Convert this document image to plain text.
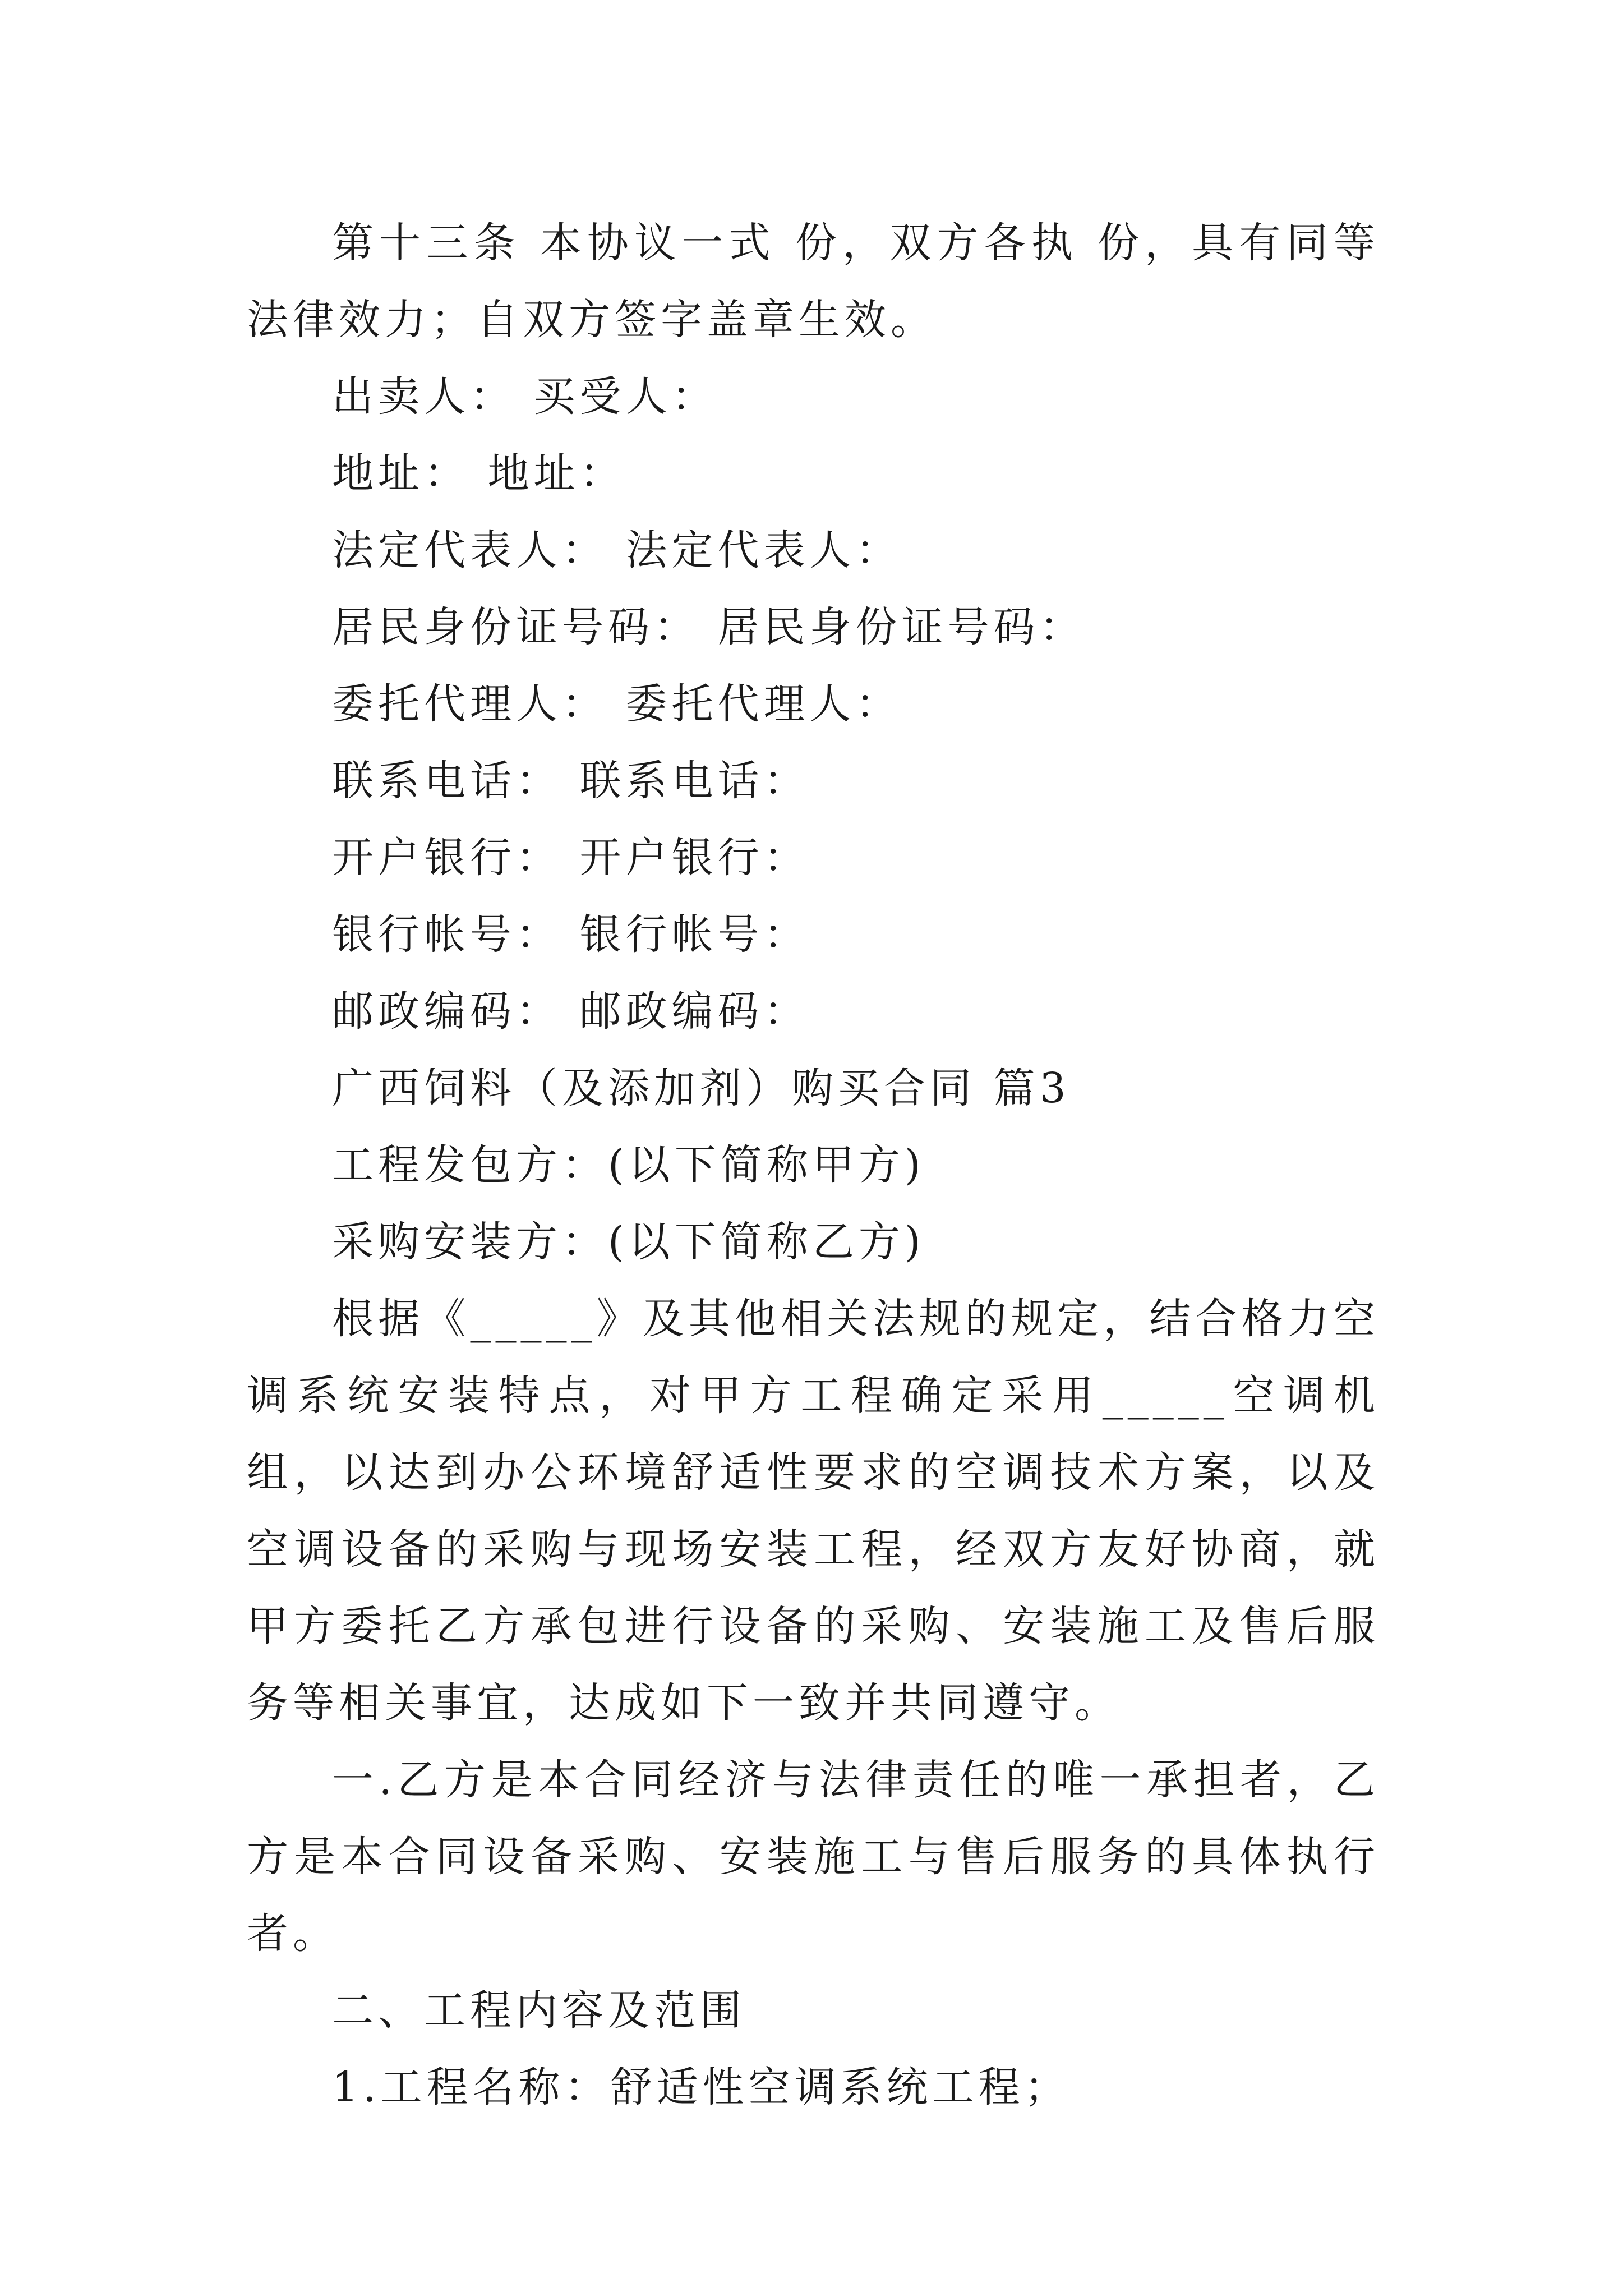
第十三条 本协议一式 份，双方各执 份，具有同等法律效力；自双方签字盖章生效。

出卖人： 买受人：

地址： 地址：

法定代表人： 法定代表人：

居民身份证号码： 居民身份证号码：

委托代理人： 委托代理人：

联系电话： 联系电话：

开户银行： 开户银行：

银行帐号： 银行帐号：

邮政编码： 邮政编码：

广西饲料（及添加剂）购买合同 篇3

工程发包方：(以下简称甲方)

采购安装方：(以下简称乙方)

根据《_____》及其他相关法规的规定，结合格力空调系统安装特点，对甲方工程确定采用_____空调机组，以达到办公环境舒适性要求的空调技术方案，以及空调设备的采购与现场安装工程，经双方友好协商，就甲方委托乙方承包进行设备的采购、安装施工及售后服务等相关事宜，达成如下一致并共同遵守。

一.乙方是本合同经济与法律责任的唯一承担者，乙方是本合同设备采购、安装施工与售后服务的具体执行者。

二、工程内容及范围

1.工程名称：舒适性空调系统工程；
